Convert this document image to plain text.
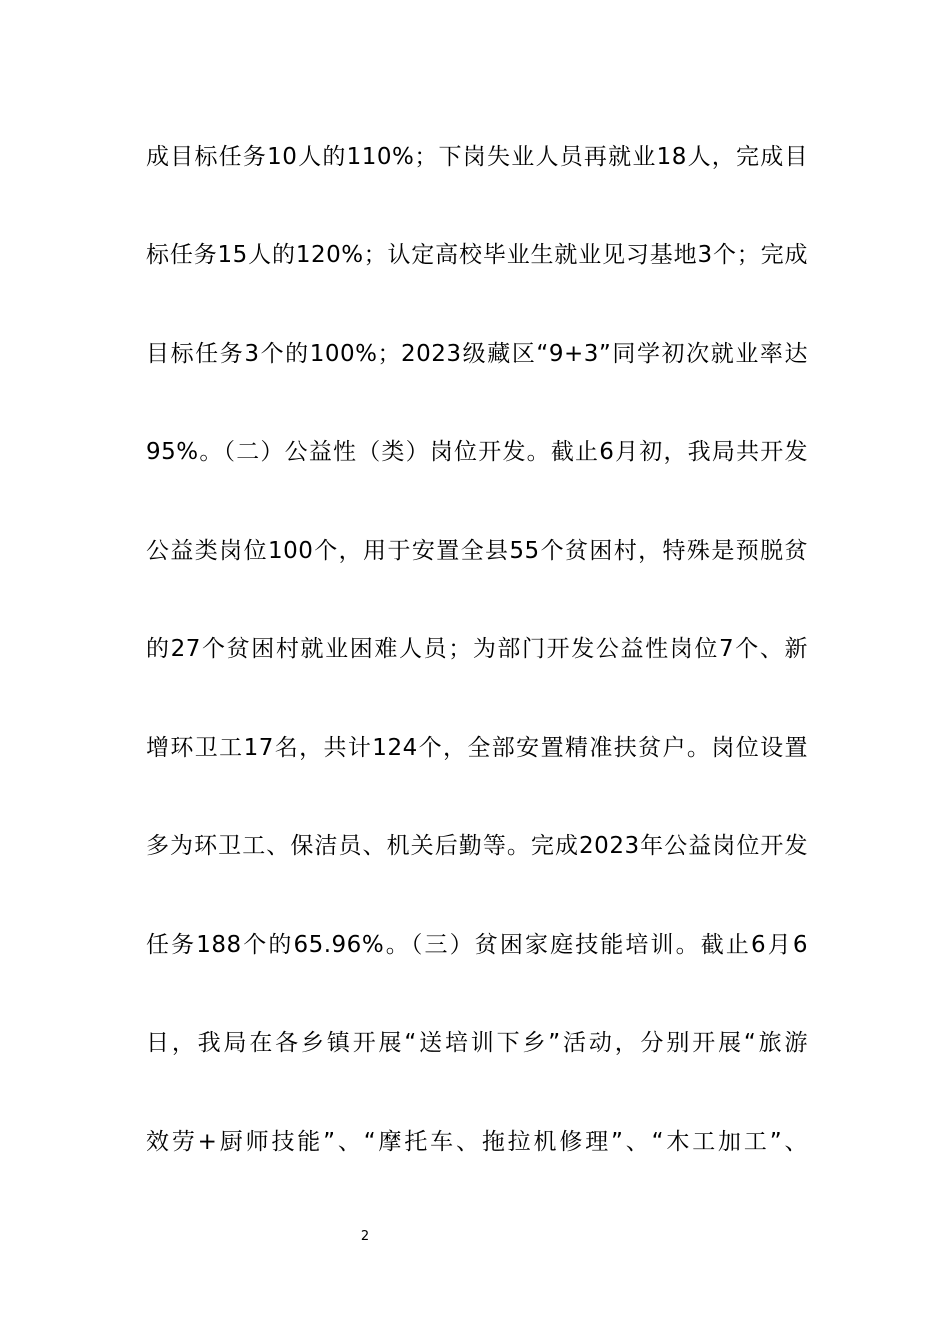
成目标任务10人的110%；下岗失业人员再就业18人，完成目
标任务15人的120%；认定高校毕业生就业见习基地3个；完成
目标任务3个的100%；2023级藏区“9+3”同学初次就业率达
95%。（二）公益性（类）岗位开发。截止6月初，我局共开发
公益类岗位100个，用于安置全县55个贫困村，特殊是预脱贫
的27个贫困村就业困难人员；为部门开发公益性岗位7个、新
增环卫工17名，共计124个，全部安置精准扶贫户。岗位设置
多为环卫工、保洁员、机关后勤等。完成2023年公益岗位开发
任务188个的65.96%。（三）贫困家庭技能培训。截止6月6
日，我局在各乡镇开展“送培训下乡”活动，分别开展“旅游
效劳+厨师技能”、“摩托车、拖拉机修理”、“木工加工”、
2
